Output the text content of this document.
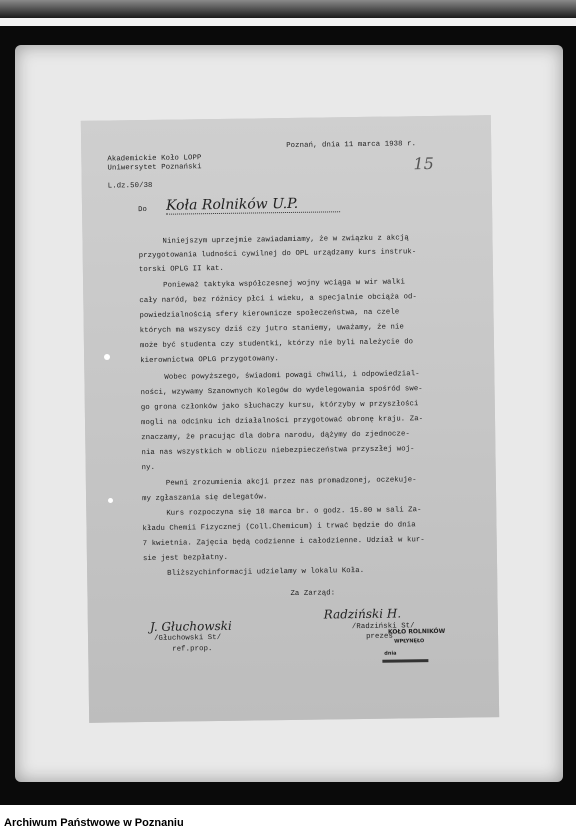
Akademickie Koło LOPP
Uniwersytet Poznański
Poznań, dnia 11 marca 1938 r.
15
L.dz.50/38
Do Koła Rolników U.P.
Niniejszym uprzejmie zawiadamiamy, że w związku z akcją
przygotowania ludności cywilnej do OPL urządzamy kurs instruk-
torski OPLG II kat.
Ponieważ taktyka współczesnej wojny wciąga w wir walki
cały naród, bez różnicy płci i wieku, a specjalnie obciąża od-
powiedzialnością sfery kierownicze społeczeństwa, na czele
których ma wszyscy dziś czy jutro staniemy, uważamy, że nie
może być studenta czy studentki, którzy nie byli należycie do
kierownictwa OPLG przygotowany.
Wobec powyższego, świadomi powagi chwili, i odpowiedzial-
ności, wzywamy Szanownych Kolegów do wydelegowania spośród swe-
go grona członków jako słuchaczy kursu, którzyby w przyszłości
mogli na odcinku ich działalności przygotować obronę kraju. Za-
znaczamy, że pracując dla dobra narodu, dążymy do zjednocze-
nia nas wszystkich w obliczu niebezpieczeństwa przyszłej woj-
ny.
Pewni zrozumienia akcji przez nas promadzonej, oczekuje-
my zgłaszania się delegatów.
Kurs rozpoczyna się 18 marca br. o godz. 15.00 w sali Za-
kładu Chemii Fizycznej (Coll.Chemicum) i trwać będzie do dnia
7 kwietnia. Zajęcia będą codzienne i całodzienne. Udział w kur-
sie jest bezpłatny.
Bliższychinformacji udzielamy w lokalu Koła.
Za Zarząd:
J. Głuchowski
/Głuchowski St/
ref.prop.
Radziński H.
/Radziński St/
prezes
KOŁO ROLNIKÓW
WPŁYNĘŁO
dnia
Archiwum Państwowe w Poznaniu
